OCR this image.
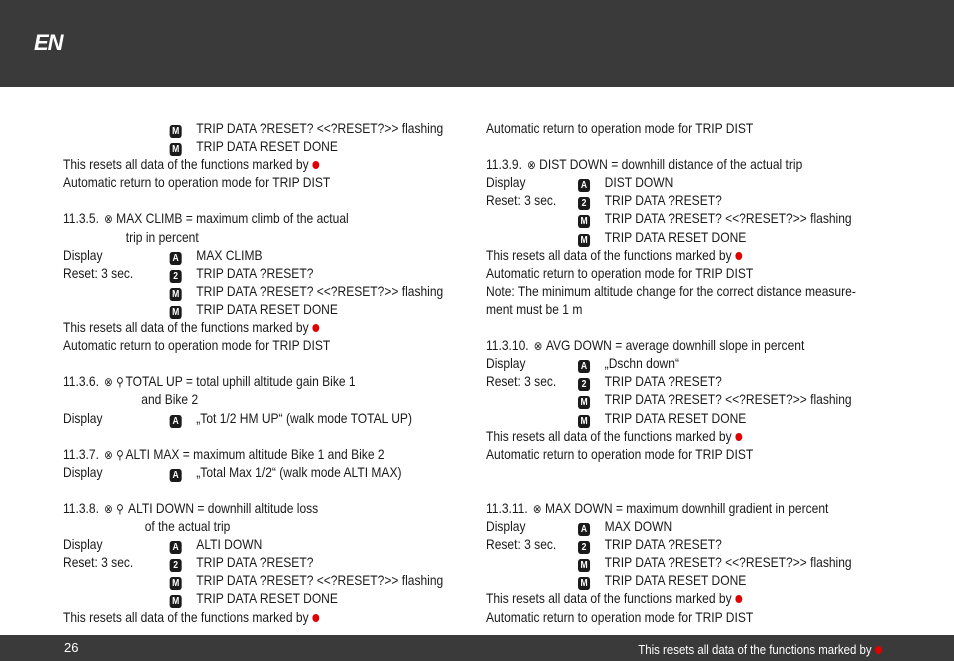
EN
M TRIP DATA ?RESET? <<?RESET?>> flashing
M TRIP DATA RESET DONE
This resets all data of the functions marked by
Automatic return to operation mode for TRIP DIST
11.3.5. ⊗ MAX CLIMB = maximum climb of the actual
trip in percent
Display	A MAX CLIMB
Reset: 3 sec.	2 TRIP DATA ?RESET?
M TRIP DATA ?RESET? <<?RESET?>> flashing
M TRIP DATA RESET DONE
This resets all data of the functions marked by
Automatic return to operation mode for TRIP DIST
11.3.6. ⊗ ⚲ TOTAL UP = total uphill altitude gain Bike 1
and Bike 2
Display	A „Tot 1/2 HM UP“ (walk mode TOTAL UP)
11.3.7. ⊗ ⚲ ALTI MAX = maximum altitude Bike 1 and Bike 2
Display	A „Total Max 1/2“ (walk mode ALTI MAX)
11.3.8. ⊗ ⚲ ALTI DOWN = downhill altitude loss
of the actual trip
Display	A ALTI DOWN
Reset: 3 sec.	2 TRIP DATA ?RESET?
M TRIP DATA ?RESET? <<?RESET?>> flashing
M TRIP DATA RESET DONE
This resets all data of the functions marked by
Automatic return to operation mode for TRIP DIST
11.3.9. ⊗ DIST DOWN = downhill distance of the actual trip
Display	A DIST DOWN
Reset: 3 sec.	2 TRIP DATA ?RESET?
M TRIP DATA ?RESET? <<?RESET?>> flashing
M TRIP DATA RESET DONE
This resets all data of the functions marked by
Automatic return to operation mode for TRIP DIST
Note: The minimum altitude change for the correct distance measure-
ment must be 1 m
11.3.10. ⊗ AVG DOWN = average downhill slope in percent
Display	A „Dschn down“
Reset: 3 sec.	2 TRIP DATA ?RESET?
M TRIP DATA ?RESET? <<?RESET?>> flashing
M TRIP DATA RESET DONE
This resets all data of the functions marked by
Automatic return to operation mode for TRIP DIST
11.3.11. ⊗ MAX DOWN = maximum downhill gradient in percent
Display	A MAX DOWN
Reset: 3 sec.	2 TRIP DATA ?RESET?
M TRIP DATA ?RESET? <<?RESET?>> flashing
M TRIP DATA RESET DONE
This resets all data of the functions marked by
Automatic return to operation mode for TRIP DIST
26	This resets all data of the functions marked by
